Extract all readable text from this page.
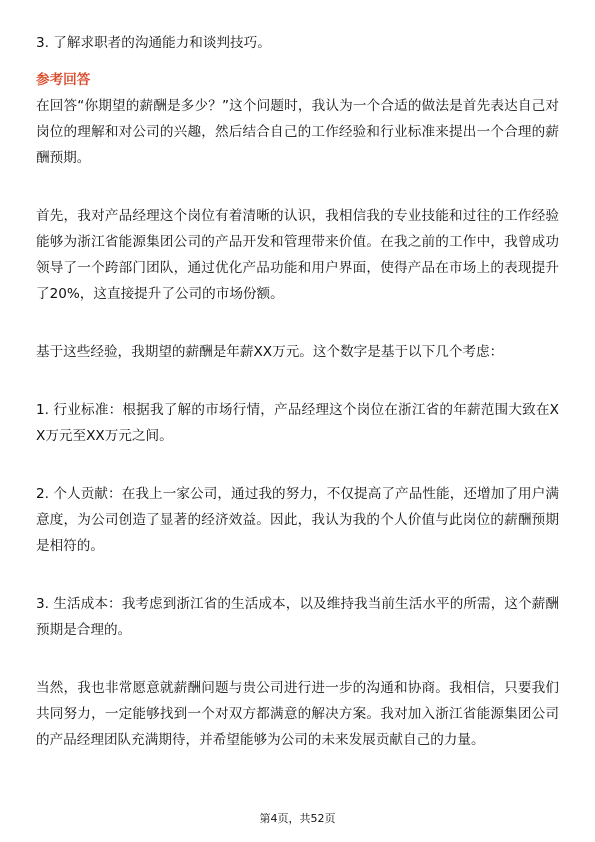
3. 了解求职者的沟通能力和谈判技巧。

参考回答

在回答“你期望的薪酬是多少？”这个问题时，我认为一个合适的做法是首先表达自己对岗位的理解和对公司的兴趣，然后结合自己的工作经验和行业标准来提出一个合理的薪酬预期。

首先，我对产品经理这个岗位有着清晰的认识，我相信我的专业技能和过往的工作经验能够为浙江省能源集团公司的产品开发和管理带来价值。在我之前的工作中，我曾成功领导了一个跨部门团队，通过优化产品功能和用户界面，使得产品在市场上的表现提升了20%，这直接提升了公司的市场份额。

基于这些经验，我期望的薪酬是年薪XX万元。这个数字是基于以下几个考虑：

1. 行业标准：根据我了解的市场行情，产品经理这个岗位在浙江省的年薪范围大致在XX万元至XX万元之间。

2. 个人贡献：在我上一家公司，通过我的努力，不仅提高了产品性能，还增加了用户满意度，为公司创造了显著的经济效益。因此，我认为我的个人价值与此岗位的薪酬预期是相符的。

3. 生活成本：我考虑到浙江省的生活成本，以及维持我当前生活水平的所需，这个薪酬预期是合理的。

当然，我也非常愿意就薪酬问题与贵公司进行进一步的沟通和协商。我相信，只要我们共同努力，一定能够找到一个对双方都满意的解决方案。我对加入浙江省能源集团公司的产品经理团队充满期待，并希望能够为公司的未来发展贡献自己的力量。

第4页，共52页
